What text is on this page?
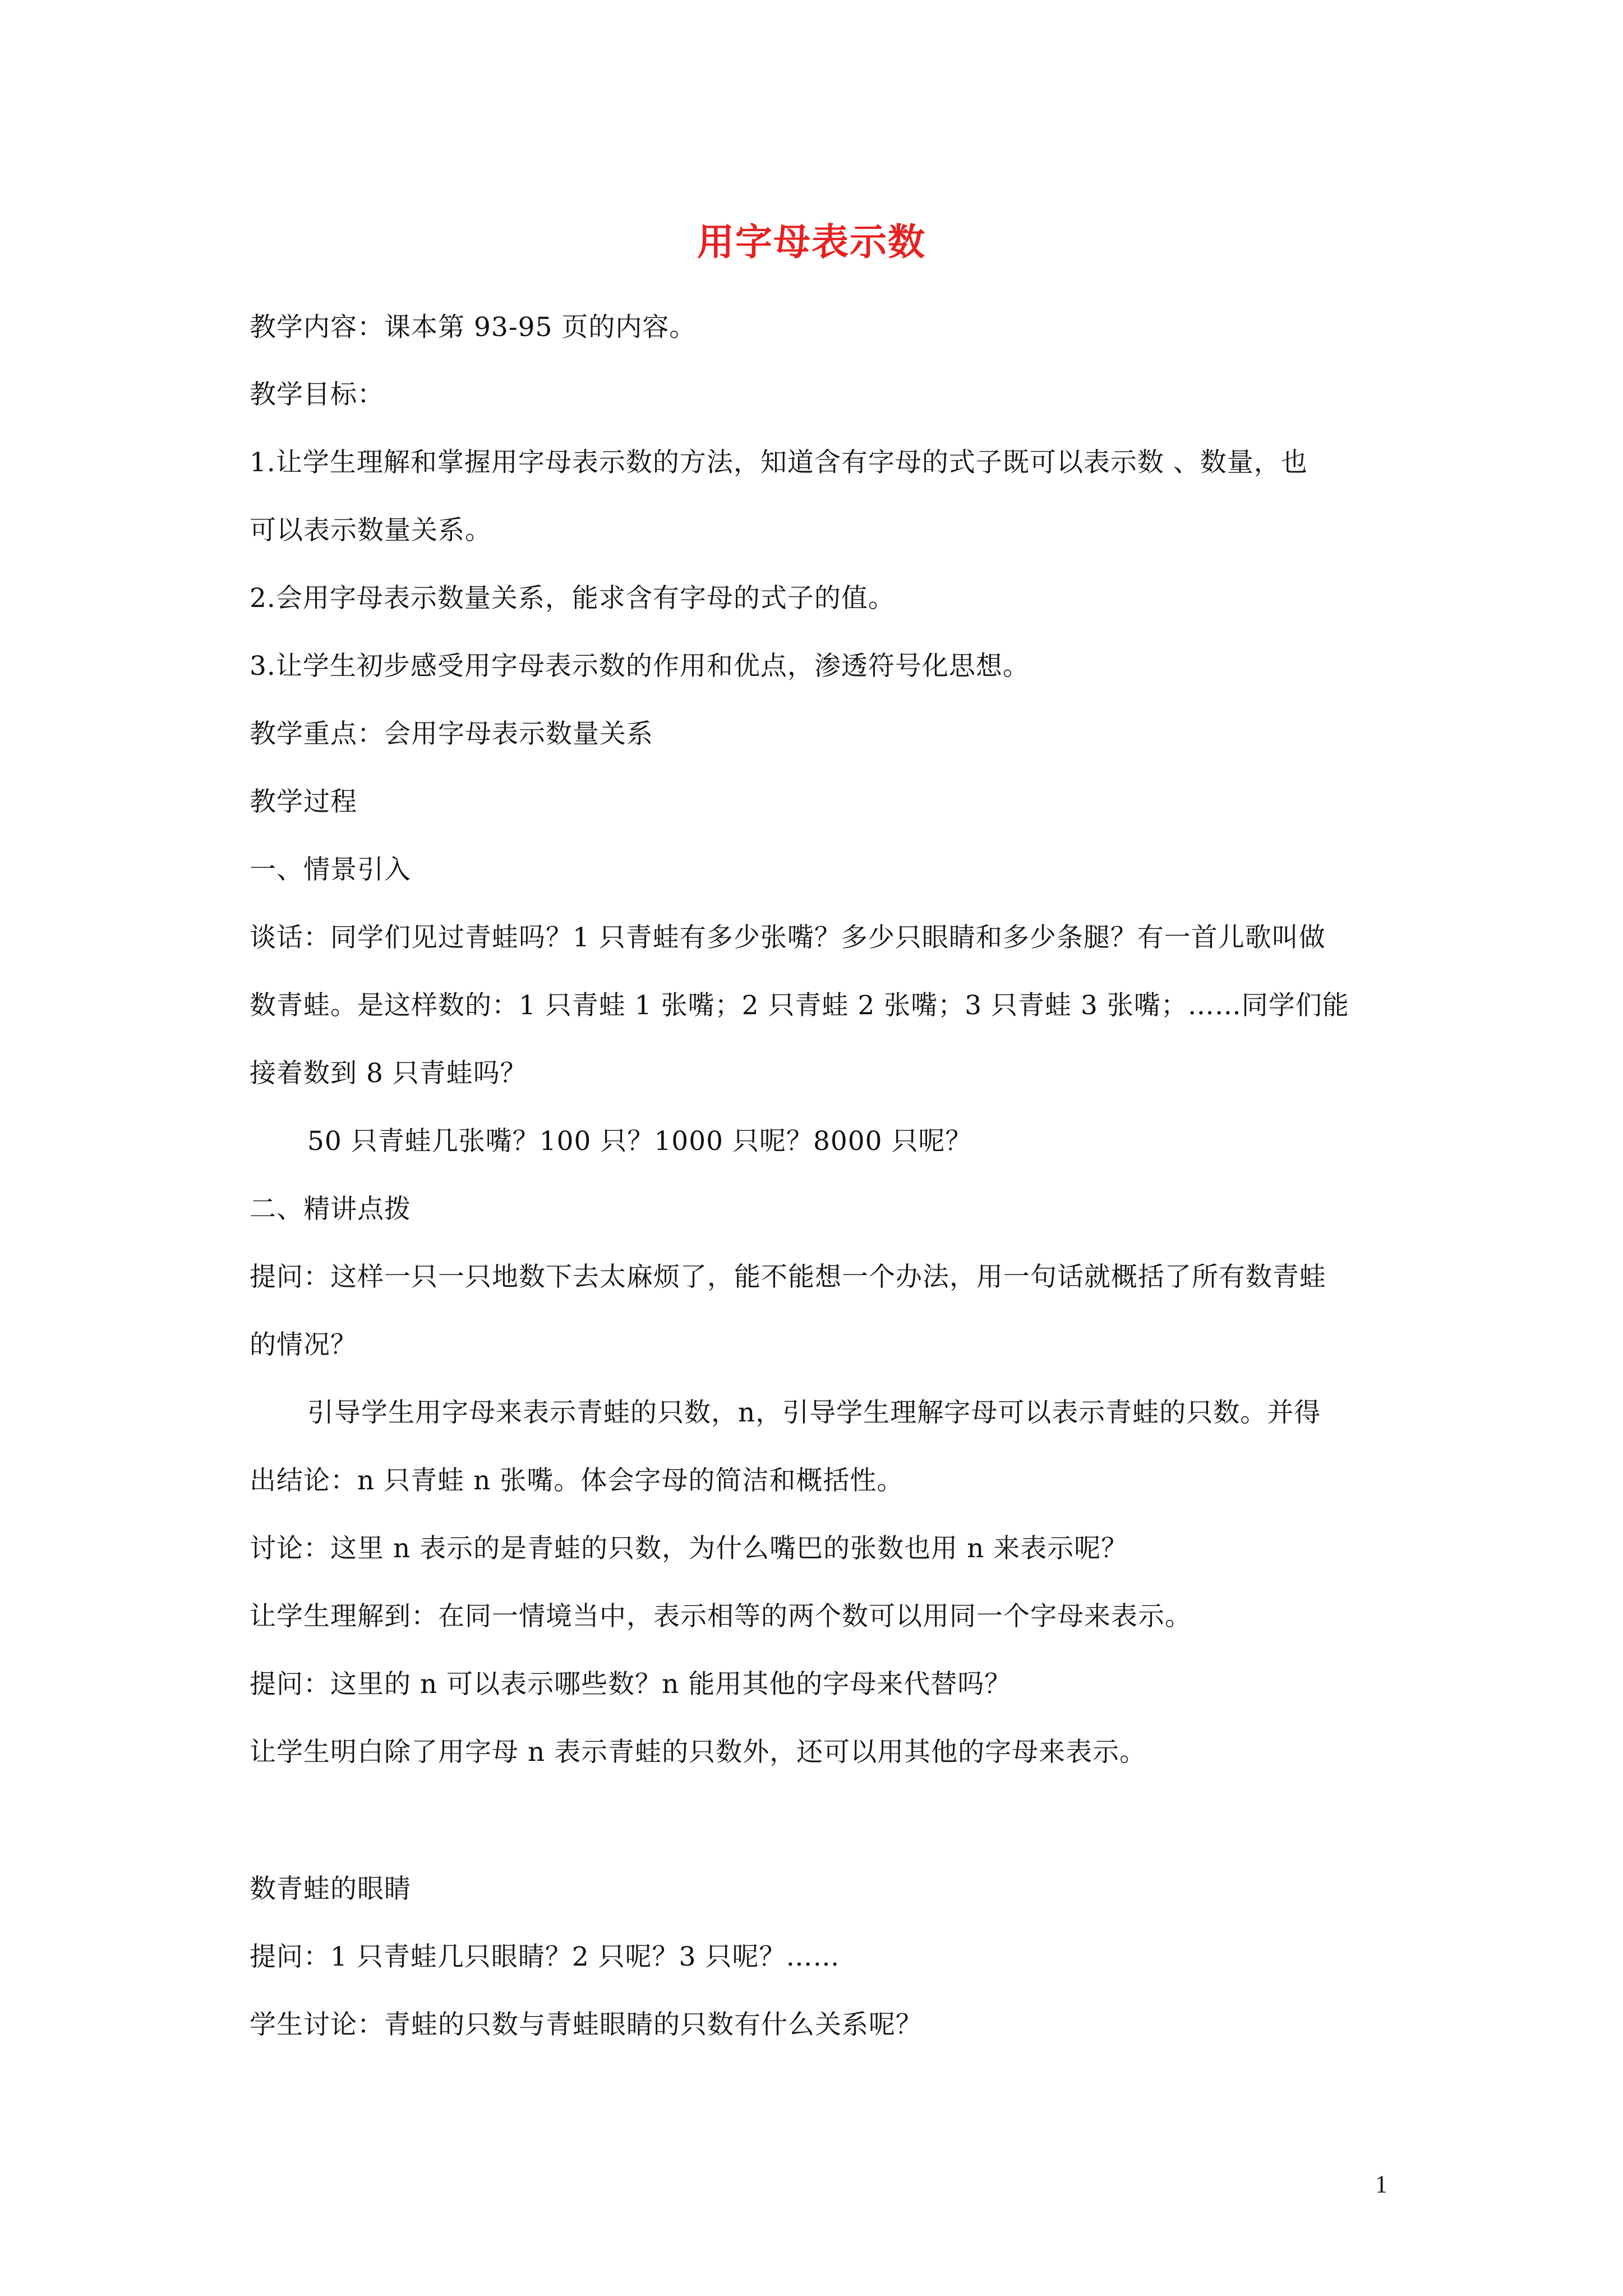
用字母表示数
教学内容：课本第 93-95 页的内容。
教学目标：
1.让学生理解和掌握用字母表示数的方法，知道含有字母的式子既可以表示数 、数量，也
可以表示数量关系。
2.会用字母表示数量关系，能求含有字母的式子的值。
3.让学生初步感受用字母表示数的作用和优点，渗透符号化思想。
教学重点：会用字母表示数量关系
教学过程
一、情景引入
谈话：同学们见过青蛙吗？1 只青蛙有多少张嘴？多少只眼睛和多少条腿？有一首儿歌叫做
数青蛙。是这样数的：1 只青蛙 1 张嘴；2 只青蛙 2 张嘴；3 只青蛙 3 张嘴；……同学们能
接着数到 8 只青蛙吗？
50 只青蛙几张嘴？100 只？1000 只呢？8000 只呢？
二、精讲点拨
提问：这样一只一只地数下去太麻烦了，能不能想一个办法，用一句话就概括了所有数青蛙
的情况？
引导学生用字母来表示青蛙的只数，n，引导学生理解字母可以表示青蛙的只数。并得
出结论：n 只青蛙 n 张嘴。体会字母的简洁和概括性。
讨论：这里 n 表示的是青蛙的只数，为什么嘴巴的张数也用 n 来表示呢？
让学生理解到：在同一情境当中，表示相等的两个数可以用同一个字母来表示。
提问：这里的 n 可以表示哪些数？n 能用其他的字母来代替吗？
让学生明白除了用字母 n 表示青蛙的只数外，还可以用其他的字母来表示。
数青蛙的眼睛
提问：1 只青蛙几只眼睛？2 只呢？3 只呢？……
学生讨论：青蛙的只数与青蛙眼睛的只数有什么关系呢？
1
